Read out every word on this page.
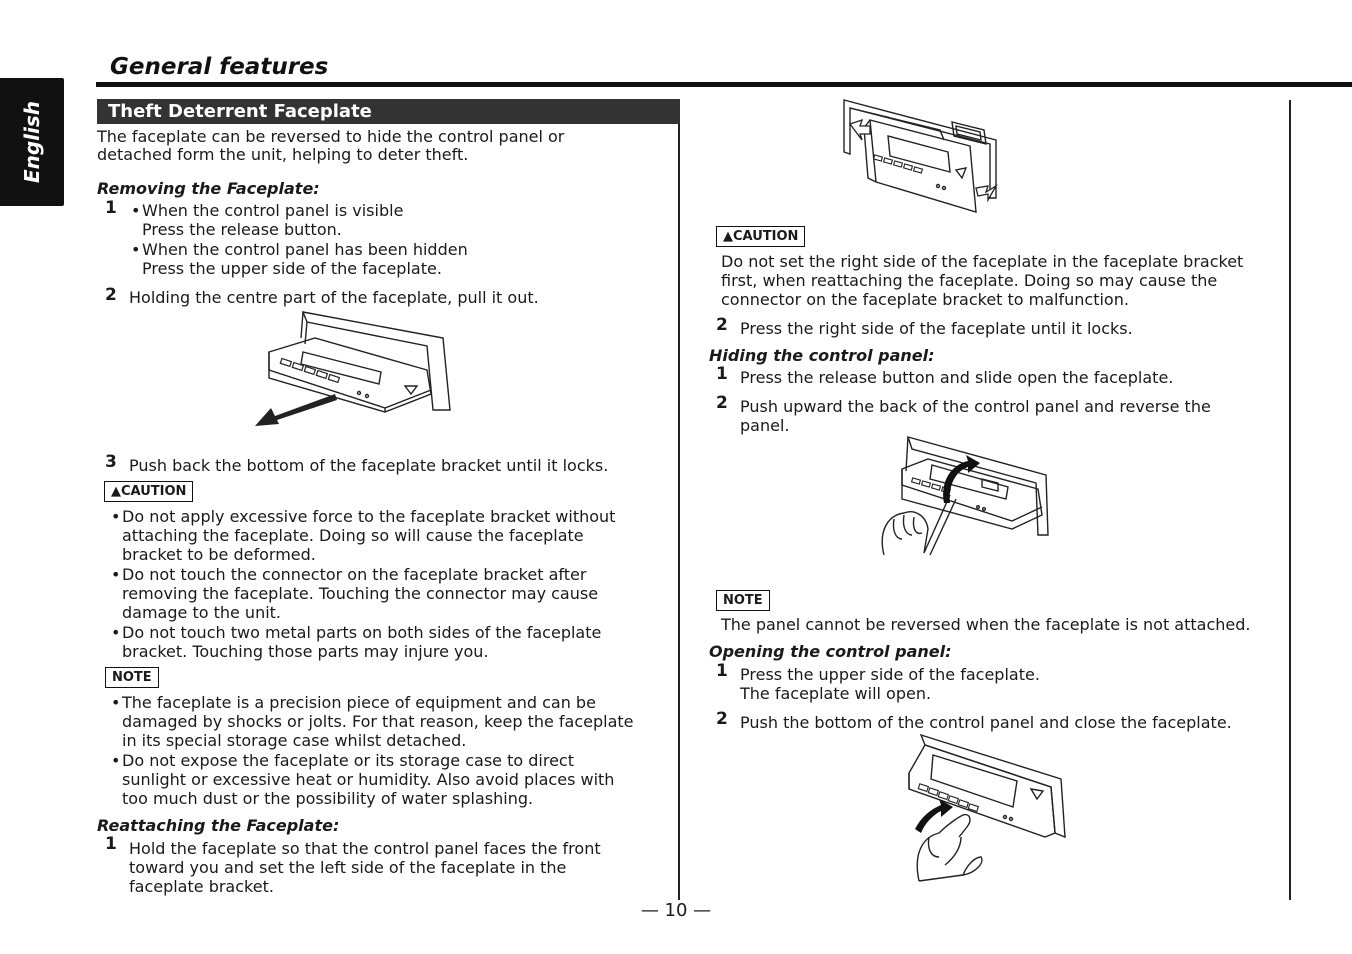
English
General features
Theft Deterrent Faceplate
The faceplate can be reversed to hide the control panel or
detached form the unit, helping to deter theft.
Removing the Faceplate:
1 • When the control panel is visible
Press the release button.
• When the control panel has been hidden
Press the upper side of the faceplate.
2 Holding the centre part of the faceplate, pull it out.
3 Push back the bottom of the faceplate bracket until it locks.
▲CAUTION
• Do not apply excessive force to the faceplate bracket without
attaching the faceplate. Doing so will cause the faceplate
bracket to be deformed.
• Do not touch the connector on the faceplate bracket after
removing the faceplate. Touching the connector may cause
damage to the unit.
• Do not touch two metal parts on both sides of the faceplate
bracket. Touching those parts may injure you.
NOTE
• The faceplate is a precision piece of equipment and can be
damaged by shocks or jolts. For that reason, keep the faceplate
in its special storage case whilst detached.
• Do not expose the faceplate or its storage case to direct
sunlight or excessive heat or humidity. Also avoid places with
too much dust or the possibility of water splashing.
Reattaching the Faceplate:
1 Hold the faceplate so that the control panel faces the front
toward you and set the left side of the faceplate in the
faceplate bracket.
▲CAUTION
Do not set the right side of the faceplate in the faceplate bracket
first, when reattaching the faceplate. Doing so may cause the
connector on the faceplate bracket to malfunction.
2 Press the right side of the faceplate until it locks.
Hiding the control panel:
1 Press the release button and slide open the faceplate.
2 Push upward the back of the control panel and reverse the
panel.
NOTE
The panel cannot be reversed when the faceplate is not attached.
Opening the control panel:
1 Press the upper side of the faceplate.
The faceplate will open.
2 Push the bottom of the control panel and close the faceplate.
— 10 —
